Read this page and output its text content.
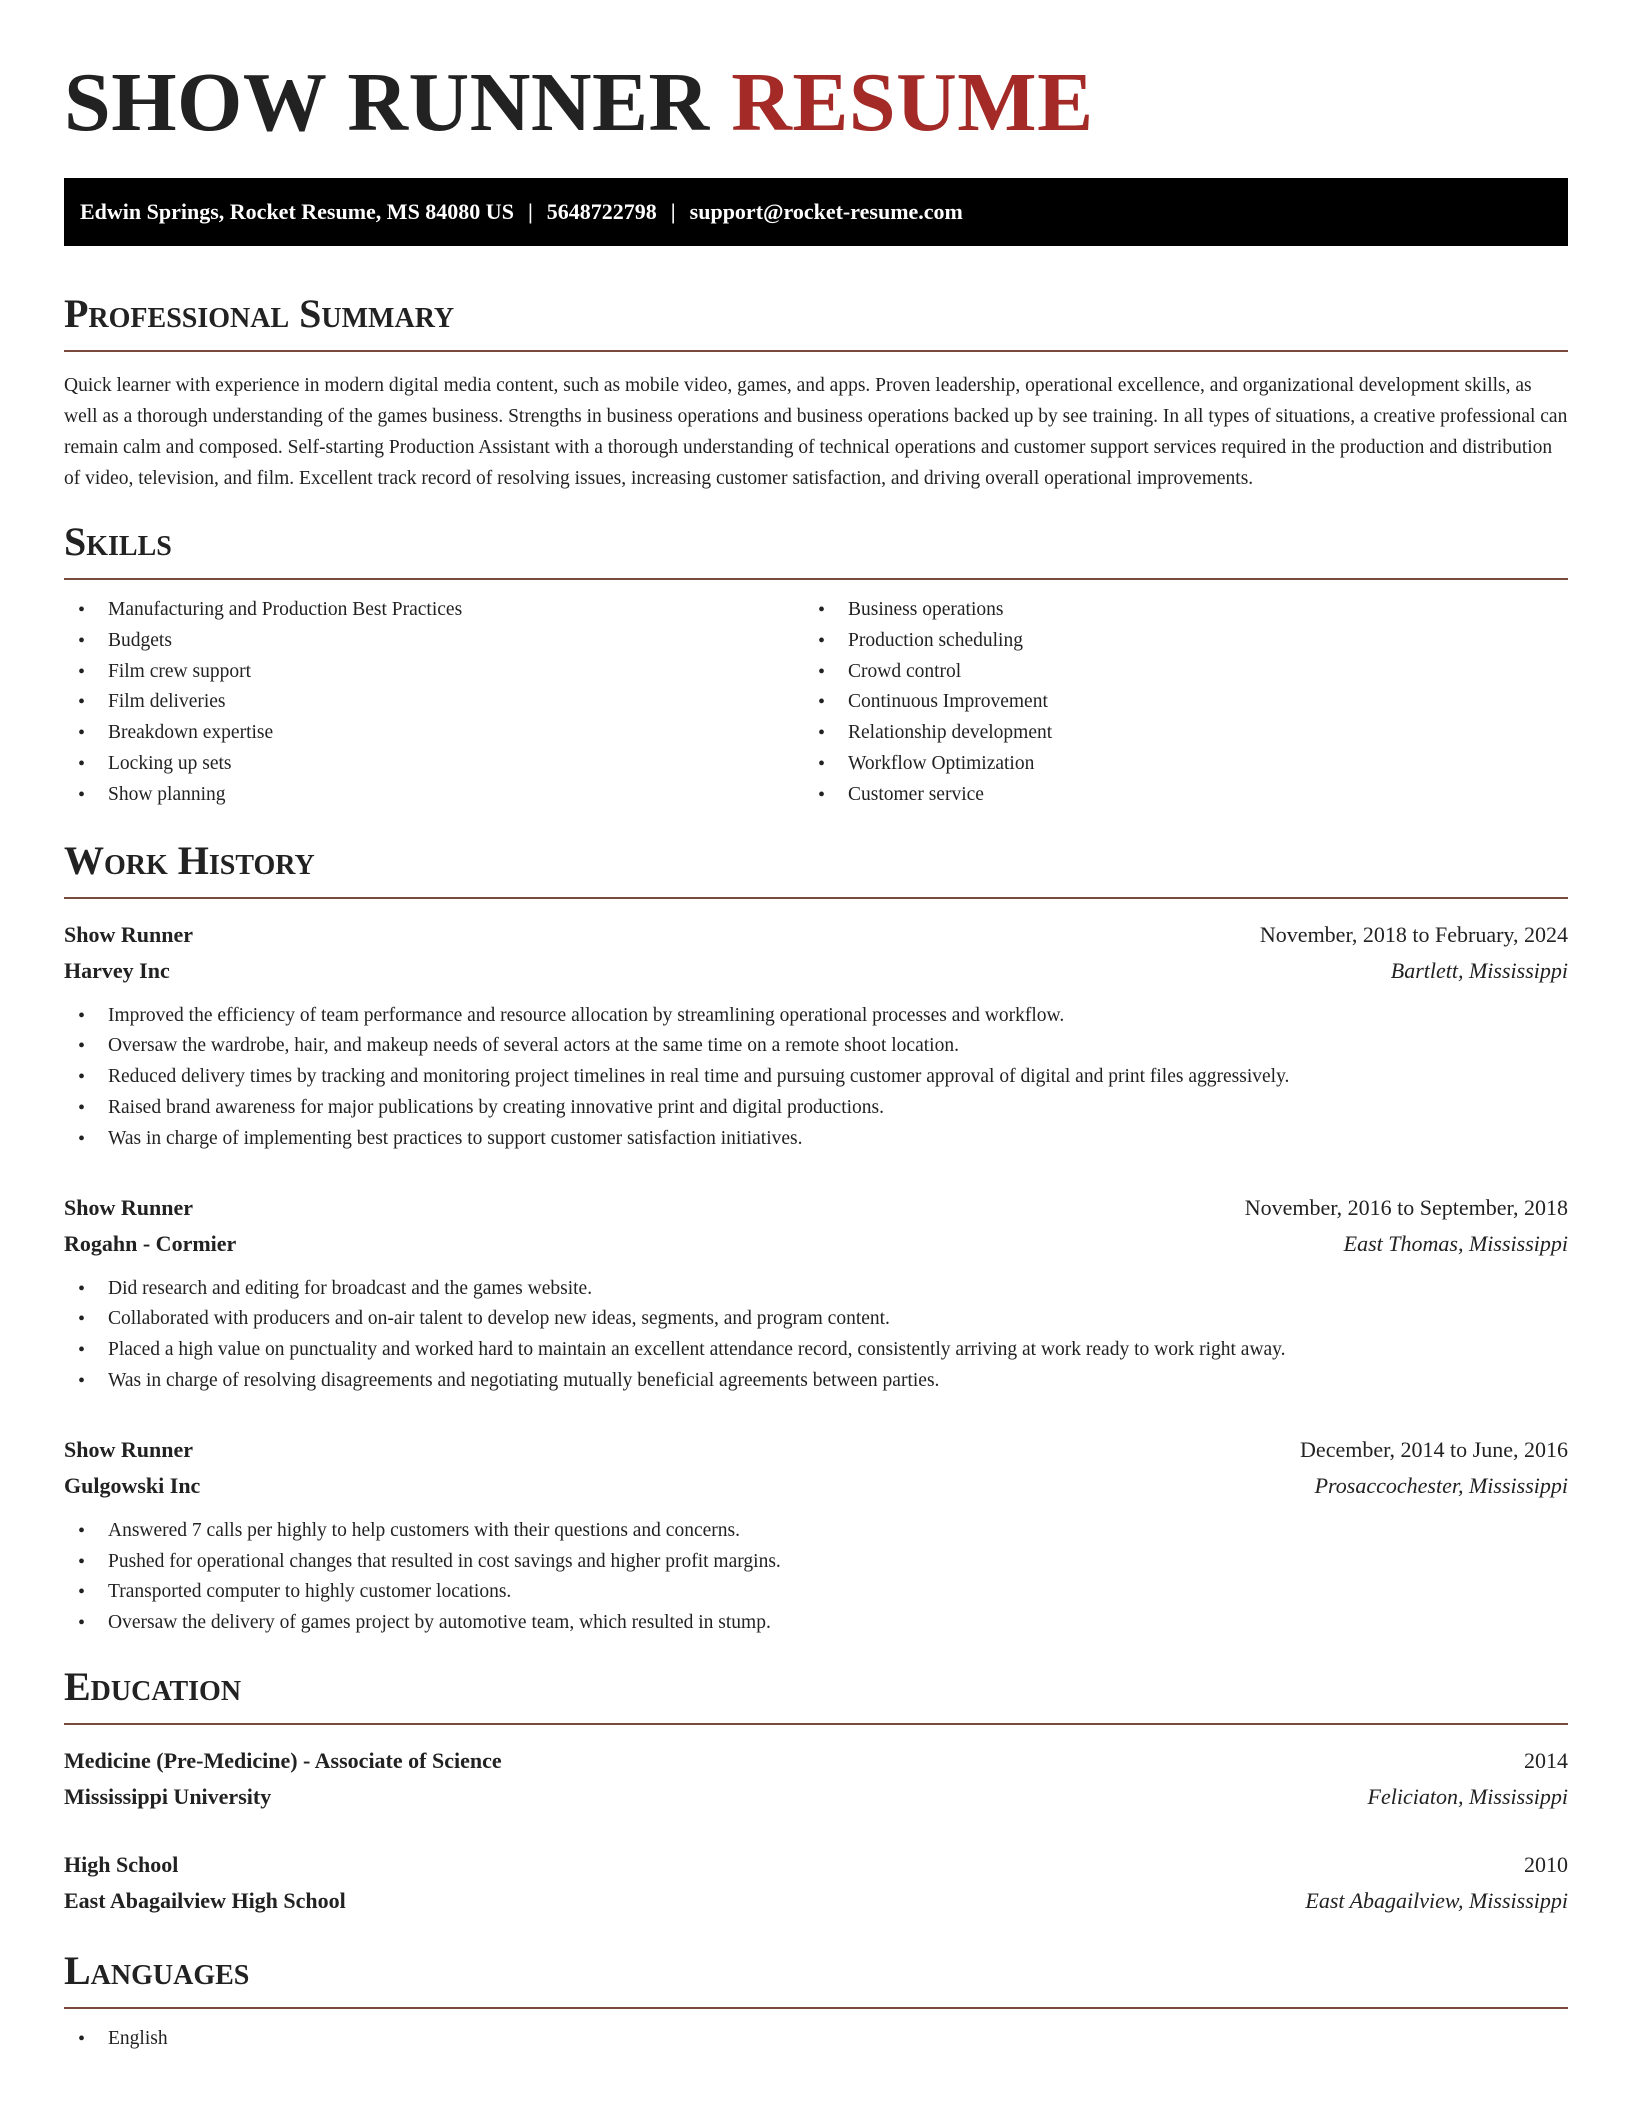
SHOW RUNNER RESUME
Edwin Springs, Rocket Resume, MS 84080 US | 5648722798 | support@rocket-resume.com
Professional Summary

Quick learner with experience in modern digital media content, such as mobile video, games, and apps. Proven leadership, operational excellence, and organizational development skills, as well as a thorough understanding of the games business. Strengths in business operations and business operations backed up by see training. In all types of situations, a creative professional can remain calm and composed. Self-starting Production Assistant with a thorough understanding of technical operations and customer support services required in the production and distribution of video, television, and film. Excellent track record of resolving issues, increasing customer satisfaction, and driving overall operational improvements.

Skills
• Manufacturing and Production Best Practices
• Budgets
• Film crew support
• Film deliveries
• Breakdown expertise
• Locking up sets
• Show planning
• Business operations
• Production scheduling
• Crowd control
• Continuous Improvement
• Relationship development
• Workflow Optimization
• Customer service
Work History
Show Runner	November, 2018 to February, 2024
Harvey Inc	Bartlett, Mississippi
• Improved the efficiency of team performance and resource allocation by streamlining operational processes and workflow.
• Oversaw the wardrobe, hair, and makeup needs of several actors at the same time on a remote shoot location.
• Reduced delivery times by tracking and monitoring project timelines in real time and pursuing customer approval of digital and print files aggressively.
• Raised brand awareness for major publications by creating innovative print and digital productions.
• Was in charge of implementing best practices to support customer satisfaction initiatives.
Show Runner	November, 2016 to September, 2018
Rogahn - Cormier	East Thomas, Mississippi
• Did research and editing for broadcast and the games website.
• Collaborated with producers and on-air talent to develop new ideas, segments, and program content.
• Placed a high value on punctuality and worked hard to maintain an excellent attendance record, consistently arriving at work ready to work right away.
• Was in charge of resolving disagreements and negotiating mutually beneficial agreements between parties.
Show Runner	December, 2014 to June, 2016
Gulgowski Inc	Prosaccochester, Mississippi
• Answered 7 calls per highly to help customers with their questions and concerns.
• Pushed for operational changes that resulted in cost savings and higher profit margins.
• Transported computer to highly customer locations.
• Oversaw the delivery of games project by automotive team, which resulted in stump.
Education
Medicine (Pre-Medicine) - Associate of Science	2014
Mississippi University	Feliciaton, Mississippi
High School	2010
East Abagailview High School	East Abagailview, Mississippi
Languages
• English
